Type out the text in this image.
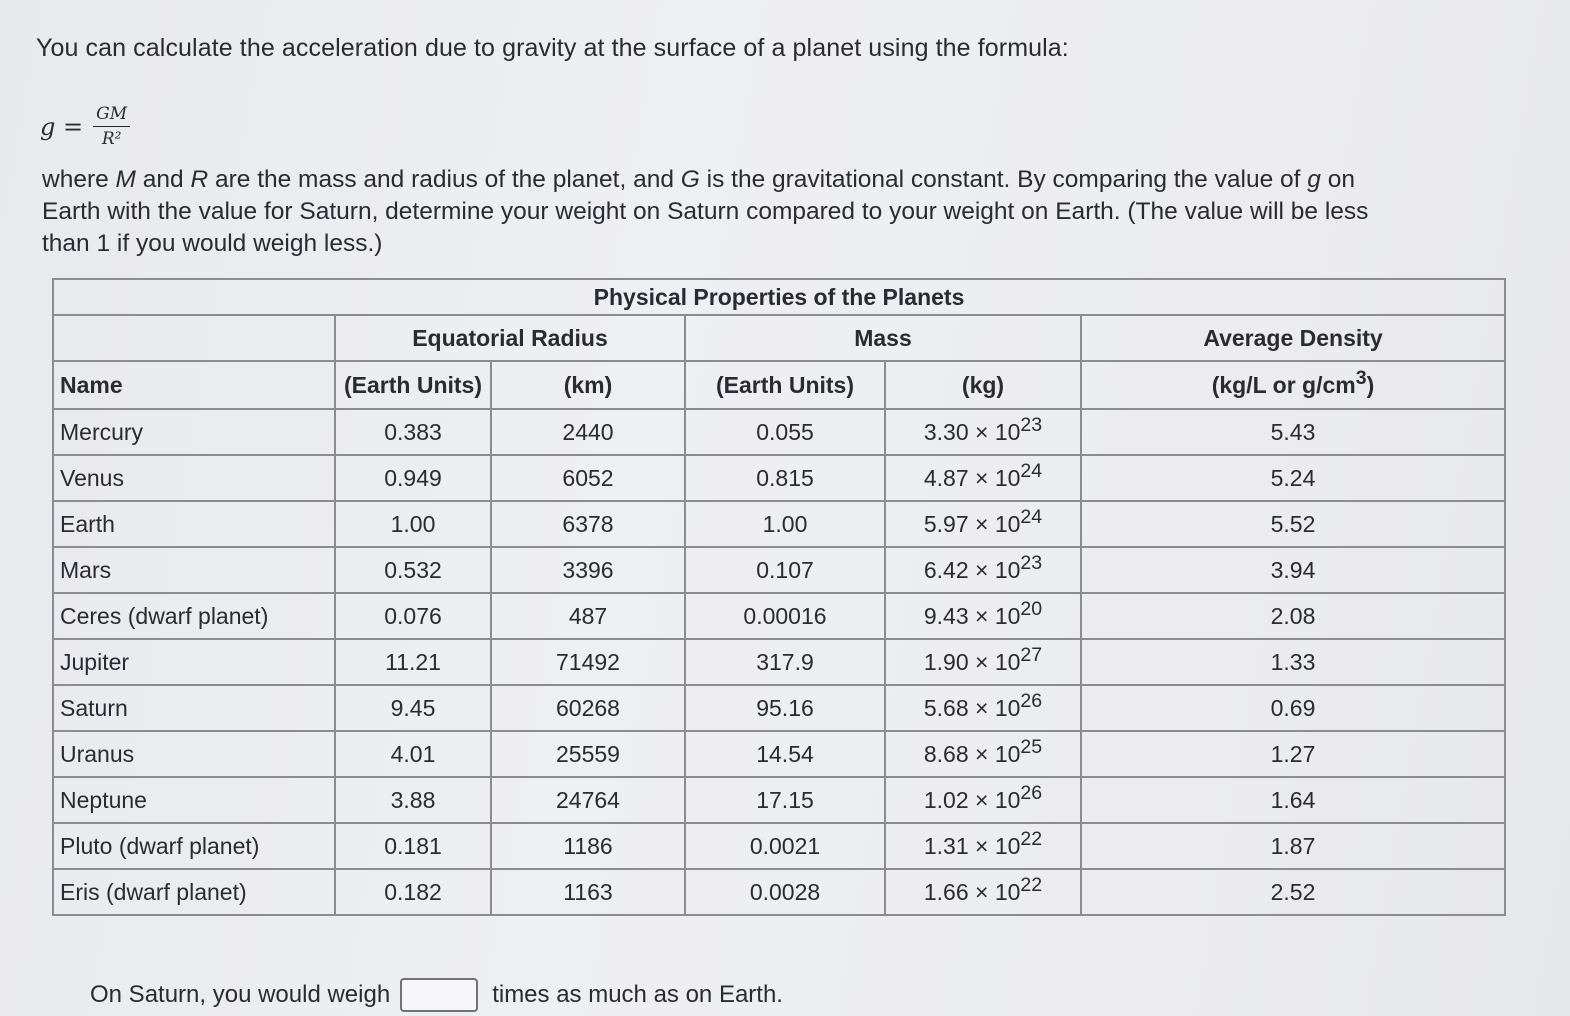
You can calculate the acceleration due to gravity at the surface of a planet using the formula:
$g = \frac{GM}{\text{R²}}$

where M and R are the mass and radius of the planet, and G is the gravitational constant. By comparing the value of g on

Earth with the value for Saturn, determine your weight on Saturn compared to your weight on Earth. (The value will be less

than 1 if you would weigh less.)

Physical Properties of the Planets					
	Equatorial Radius		Mass		Average Density
Name	(Earth Units)	(km)	(Earth Units)	(kg)	(kg/L or $g/cm^3$)
Mercury	0.383	2440	0.055	$3.30 \times 10^{23}$	5.43
Venus	0.949	6052	0.815	$4.87 \times 10^{24}$	5.24
Earth	1.00	6378	1.00	$5.97 \times 10^{24}$	5.52
Mars	0.532	3396	0.107	$6.42 \times 10^{23}$	3.94
Ceres (dwarf planet)	0.076	487	0.00016	$9.43 \times 10^{20}$	2.08
Jupiter	11.21	71492	317.9	$1.90 \times 10^{27}$	1.33
Saturn	9.45	60268	95.16	$5.68 \times 10^{26}$	0.69
Uranus	4.01	25559	14.54	$8.68 \times 10^{25}$	1.27
Neptune	3.88	24764	17.15	$1.02 \times 10^{26}$	1.64
Pluto (dwarf planet)	0.181	1186	0.0021	$1.31 \times 10^{22}$	1.87
Eris (dwarf planet)	0.182	1163	0.0028	$1.66 \times 10^{22}$	2.52
On Saturn, you would weigh	times as much as on Earth.
